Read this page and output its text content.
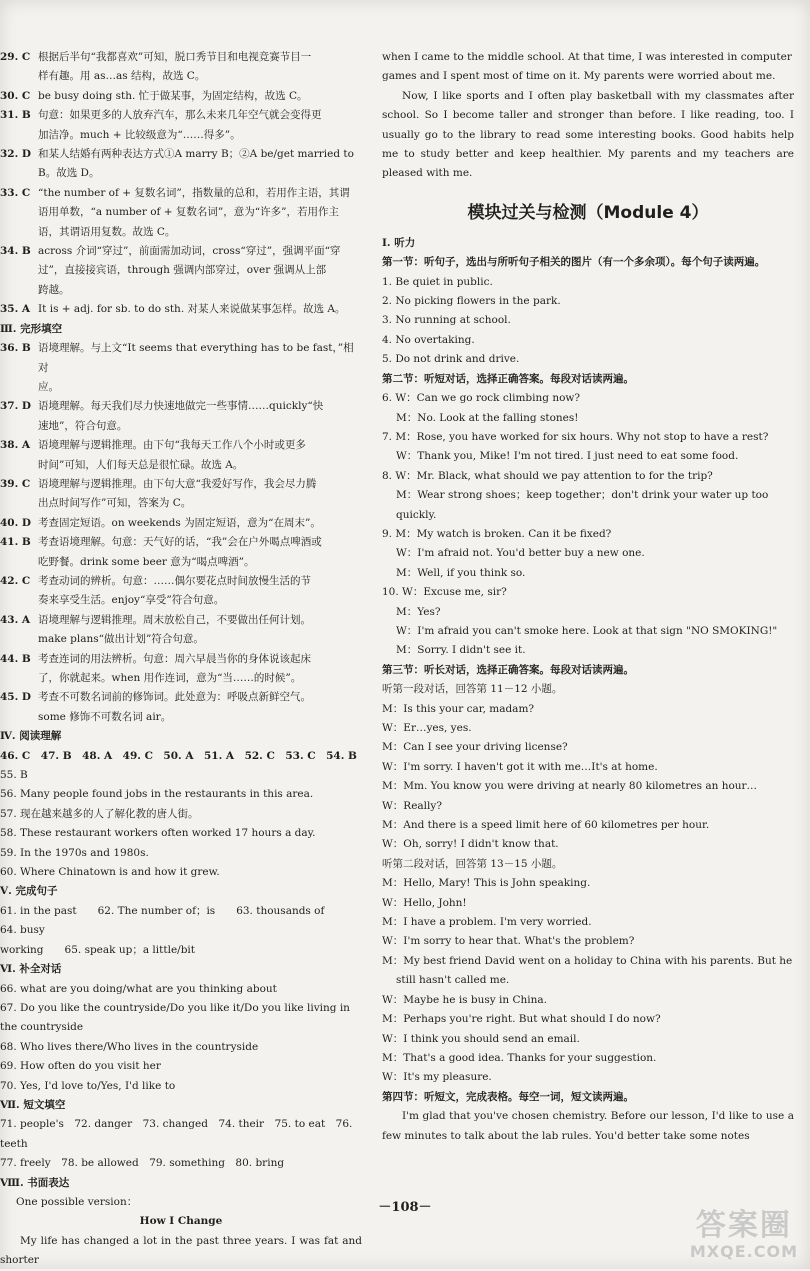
29. C 根据后半句“我都喜欢”可知，脱口秀节目和电视竞赛节目一
样有趣。用 as…as 结构，故选 C。
30. C be busy doing sth. 忙于做某事，为固定结构，故选 C。
31. B 句意：如果更多的人放弃汽车，那么未来几年空气就会变得更
加洁净。much + 比较级意为“……得多”。
32. D 和某人结婚有两种表达方式①A marry B；②A be/get married to
B。故选 D。
33. C “the number of + 复数名词”，指数量的总和，若用作主语，其谓
语用单数，“a number of + 复数名词”，意为“许多”，若用作主
语，其谓语用复数。故选 C。
34. B across 介词“穿过”，前面需加动词，cross“穿过”，强调平面“穿
过”，直接接宾语，through 强调内部穿过，over 强调从上部
跨越。
35. A It is + adj. for sb. to do sth. 对某人来说做某事怎样。故选 A。
Ⅲ. 完形填空
36. B 语境理解。与上文“It seems that everything has to be fast，”相对
应。
37. D 语境理解。每天我们尽力快速地做完一些事情……quickly“快
速地”，符合句意。
38. A 语境理解与逻辑推理。由下句“我每天工作八个小时或更多
时间”可知，人们每天总是很忙碌。故选 A。
39. C 语境理解与逻辑推理。由下句大意“我爱好写作，我会尽力腾
出点时间写作”可知，答案为 C。
40. D 考查固定短语。on weekends 为固定短语，意为“在周末”。
41. B 考查语境理解。句意：天气好的话，“我”会在户外喝点啤酒或
吃野餐。drink some beer 意为“喝点啤酒”。
42. C 考查动词的辨析。句意：……偶尔要花点时间放慢生活的节
奏来享受生活。enjoy“享受”符合句意。
43. A 语境理解与逻辑推理。周末放松自己，不要做出任何计划。
make plans“做出计划”符合句意。
44. B 考查连词的用法辨析。句意：周六早晨当你的身体说该起床
了，你就起来。when 用作连词，意为“当……的时候”。
45. D 考查不可数名词前的修饰词。此处意为：呼吸点新鲜空气。
some 修饰不可数名词 air。
Ⅳ. 阅读理解
46. C　47. B　48. A　49. C　50. A　51. A　52. C　53. C　54. B
55. B
56. Many people found jobs in the restaurants in this area.
57. 现在越来越多的人了解化教的唐人街。
58. These restaurant workers often worked 17 hours a day.
59. In the 1970s and 1980s.
60. Where Chinatown is and how it grew.
Ⅴ. 完成句子
61. in the past　　62. The number of；is　　63. thousands of　　64. busy
working　　65. speak up；a little/bit
Ⅵ. 补全对话
66. what are you doing/what are you thinking about
67. Do you like the countryside/Do you like it/Do you like living in
the countryside
68. Who lives there/Who lives in the countryside
69. How often do you visit her
70. Yes, I'd love to/Yes, I'd like to
Ⅶ. 短文填空
71. people's　72. danger　73. changed　74. their　75. to eat　76. teeth
77. freely　78. be allowed　79. something　80. bring
Ⅷ. 书面表达
One possible version：
How I Change
My life has changed a lot in the past three years. I was fat and shorter
when I came to the middle school. At that time, I was interested in computer
games and I spent most of time on it. My parents were worried about me.
Now, I like sports and I often play basketball with my classmates after school. So I become taller and stronger than before. I like reading, too. I usually go to the library to read some interesting books. Good habits help me to study better and keep healthier. My parents and my teachers are pleased with me.
模块过关与检测（Module 4）
Ⅰ. 听力
第一节：听句子，选出与所听句子相关的图片（有一个多余项）。每个句子读两遍。
1. Be quiet in public.
2. No picking flowers in the park.
3. No running at school.
4. No overtaking.
5. Do not drink and drive.
第二节：听短对话，选择正确答案。每段对话读两遍。
6. W：Can we go rock climbing now?
M：No. Look at the falling stones!
7. M：Rose, you have worked for six hours. Why not stop to have a rest?
W：Thank you, Mike! I'm not tired. I just need to eat some food.
8. W：Mr. Black, what should we pay attention to for the trip?
M：Wear strong shoes；keep together；don't drink your water up too quickly.
9. M：My watch is broken. Can it be fixed?
W：I'm afraid not. You'd better buy a new one.
M：Well, if you think so.
10. W：Excuse me, sir?
M：Yes?
W：I'm afraid you can't smoke here. Look at that sign "NO SMOKING!"
M：Sorry. I didn't see it.
第三节：听长对话，选择正确答案。每段对话读两遍。
听第一段对话，回答第 11－12 小题。
M：Is this your car, madam?
W：Er…yes, yes.
M：Can I see your driving license?
W：I'm sorry. I haven't got it with me…It's at home.
M：Mm. You know you were driving at nearly 80 kilometres an hour…
W：Really?
M：And there is a speed limit here of 60 kilometres per hour.
W：Oh, sorry! I didn't know that.
听第二段对话，回答第 13－15 小题。
M：Hello, Mary! This is John speaking.
W：Hello, John!
M：I have a problem. I'm very worried.
W：I'm sorry to hear that. What's the problem?
M：My best friend David went on a holiday to China with his parents. But he still hasn't called me.
W：Maybe he is busy in China.
M：Perhaps you're right. But what should I do now?
W：I think you should send an email.
M：That's a good idea. Thanks for your suggestion.
W：It's my pleasure.
第四节：听短文，完成表格。每空一词，短文读两遍。
I'm glad that you've chosen chemistry. Before our lesson, I'd like to use a few minutes to talk about the lab rules. You'd better take some notes
－108－
答案圈
MXQE.COM
